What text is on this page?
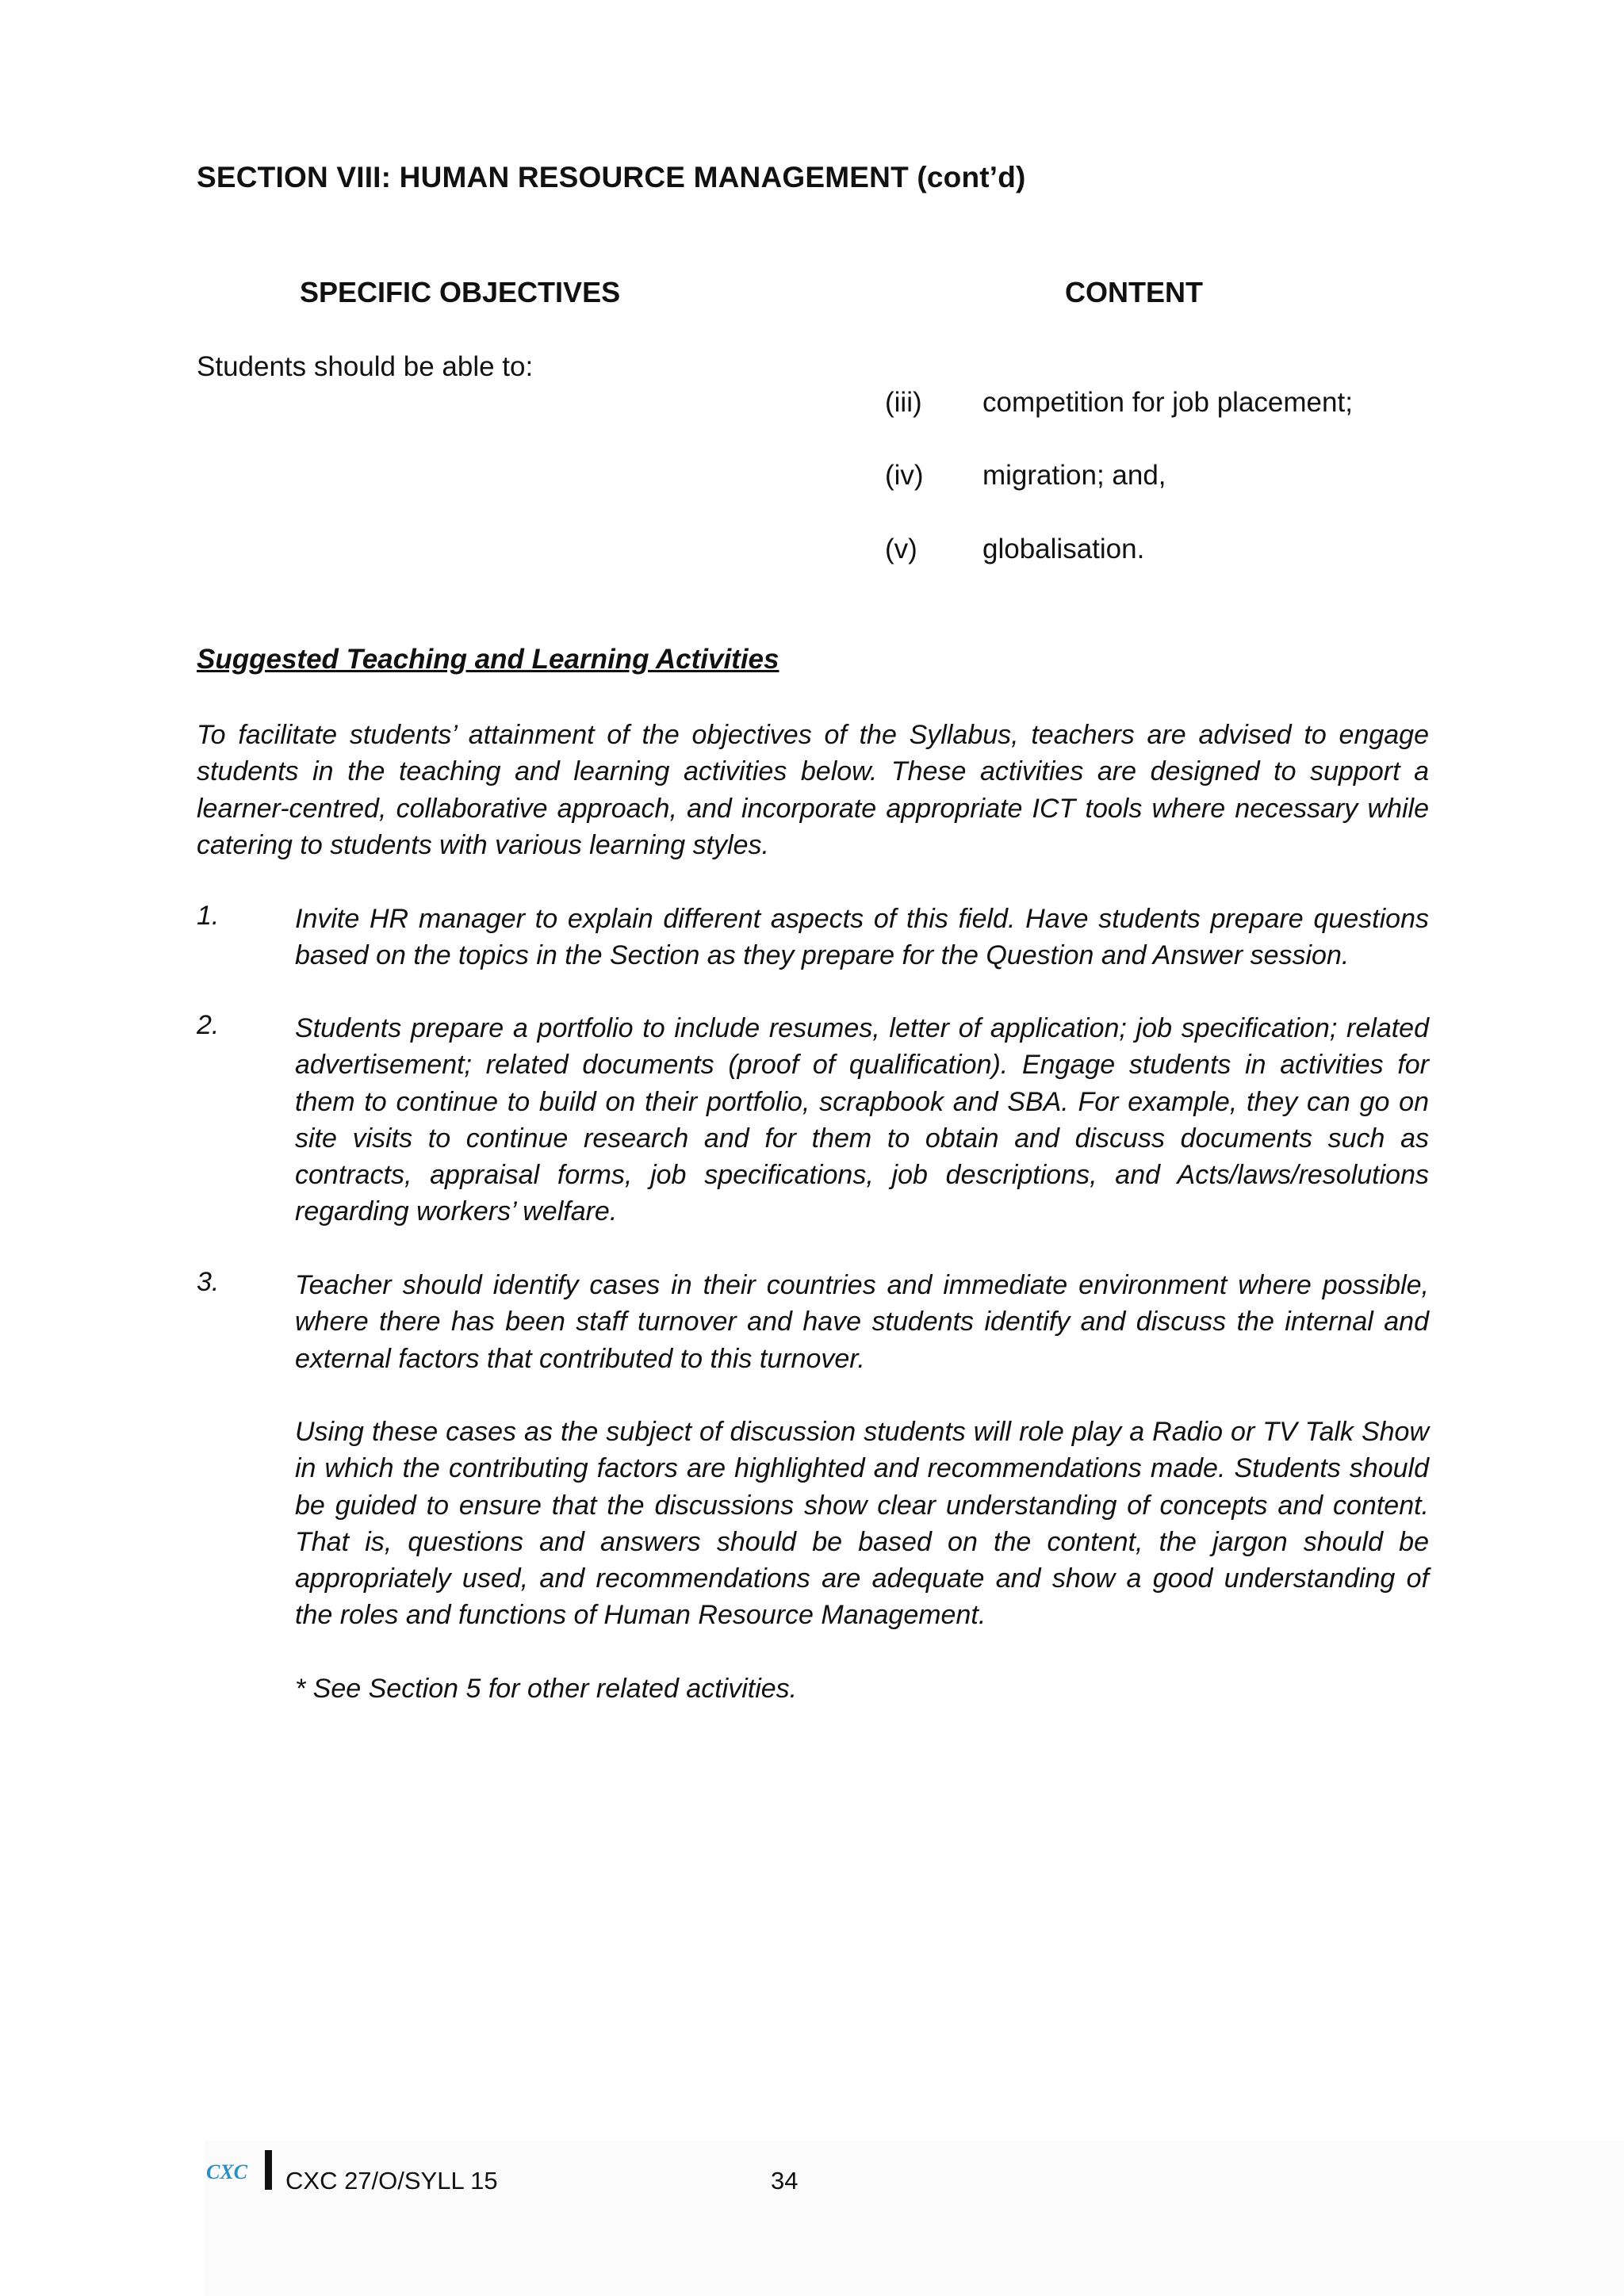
SECTION VIII: HUMAN RESOURCE MANAGEMENT (cont’d)
SPECIFIC OBJECTIVES	CONTENT
Students should be able to:
(iii) competition for job placement;
(iv) migration; and,
(v) globalisation.
Suggested Teaching and Learning Activities
To facilitate students’ attainment of the objectives of the Syllabus, teachers are advised to engage students in the teaching and learning activities below. These activities are designed to support a learner-centred, collaborative approach, and incorporate appropriate ICT tools where necessary while catering to students with various learning styles.
1.	Invite HR manager to explain different aspects of this field. Have students prepare questions based on the topics in the Section as they prepare for the Question and Answer session.
2.	Students prepare a portfolio to include resumes, letter of application; job specification; related advertisement; related documents (proof of qualification). Engage students in activities for them to continue to build on their portfolio, scrapbook and SBA. For example, they can go on site visits to continue research and for them to obtain and discuss documents such as contracts, appraisal forms, job specifications, job descriptions, and Acts/laws/resolutions regarding workers’ welfare.
3.	Teacher should identify cases in their countries and immediate environment where possible, where there has been staff turnover and have students identify and discuss the internal and external factors that contributed to this turnover.
Using these cases as the subject of discussion students will role play a Radio or TV Talk Show in which the contributing factors are highlighted and recommendations made. Students should be guided to ensure that the discussions show clear understanding of concepts and content. That is, questions and answers should be based on the content, the jargon should be appropriately used, and recommendations are adequate and show a good understanding of the roles and functions of Human Resource Management.
* See Section 5 for other related activities.
CXC CXC 27/O/SYLL 15	34
